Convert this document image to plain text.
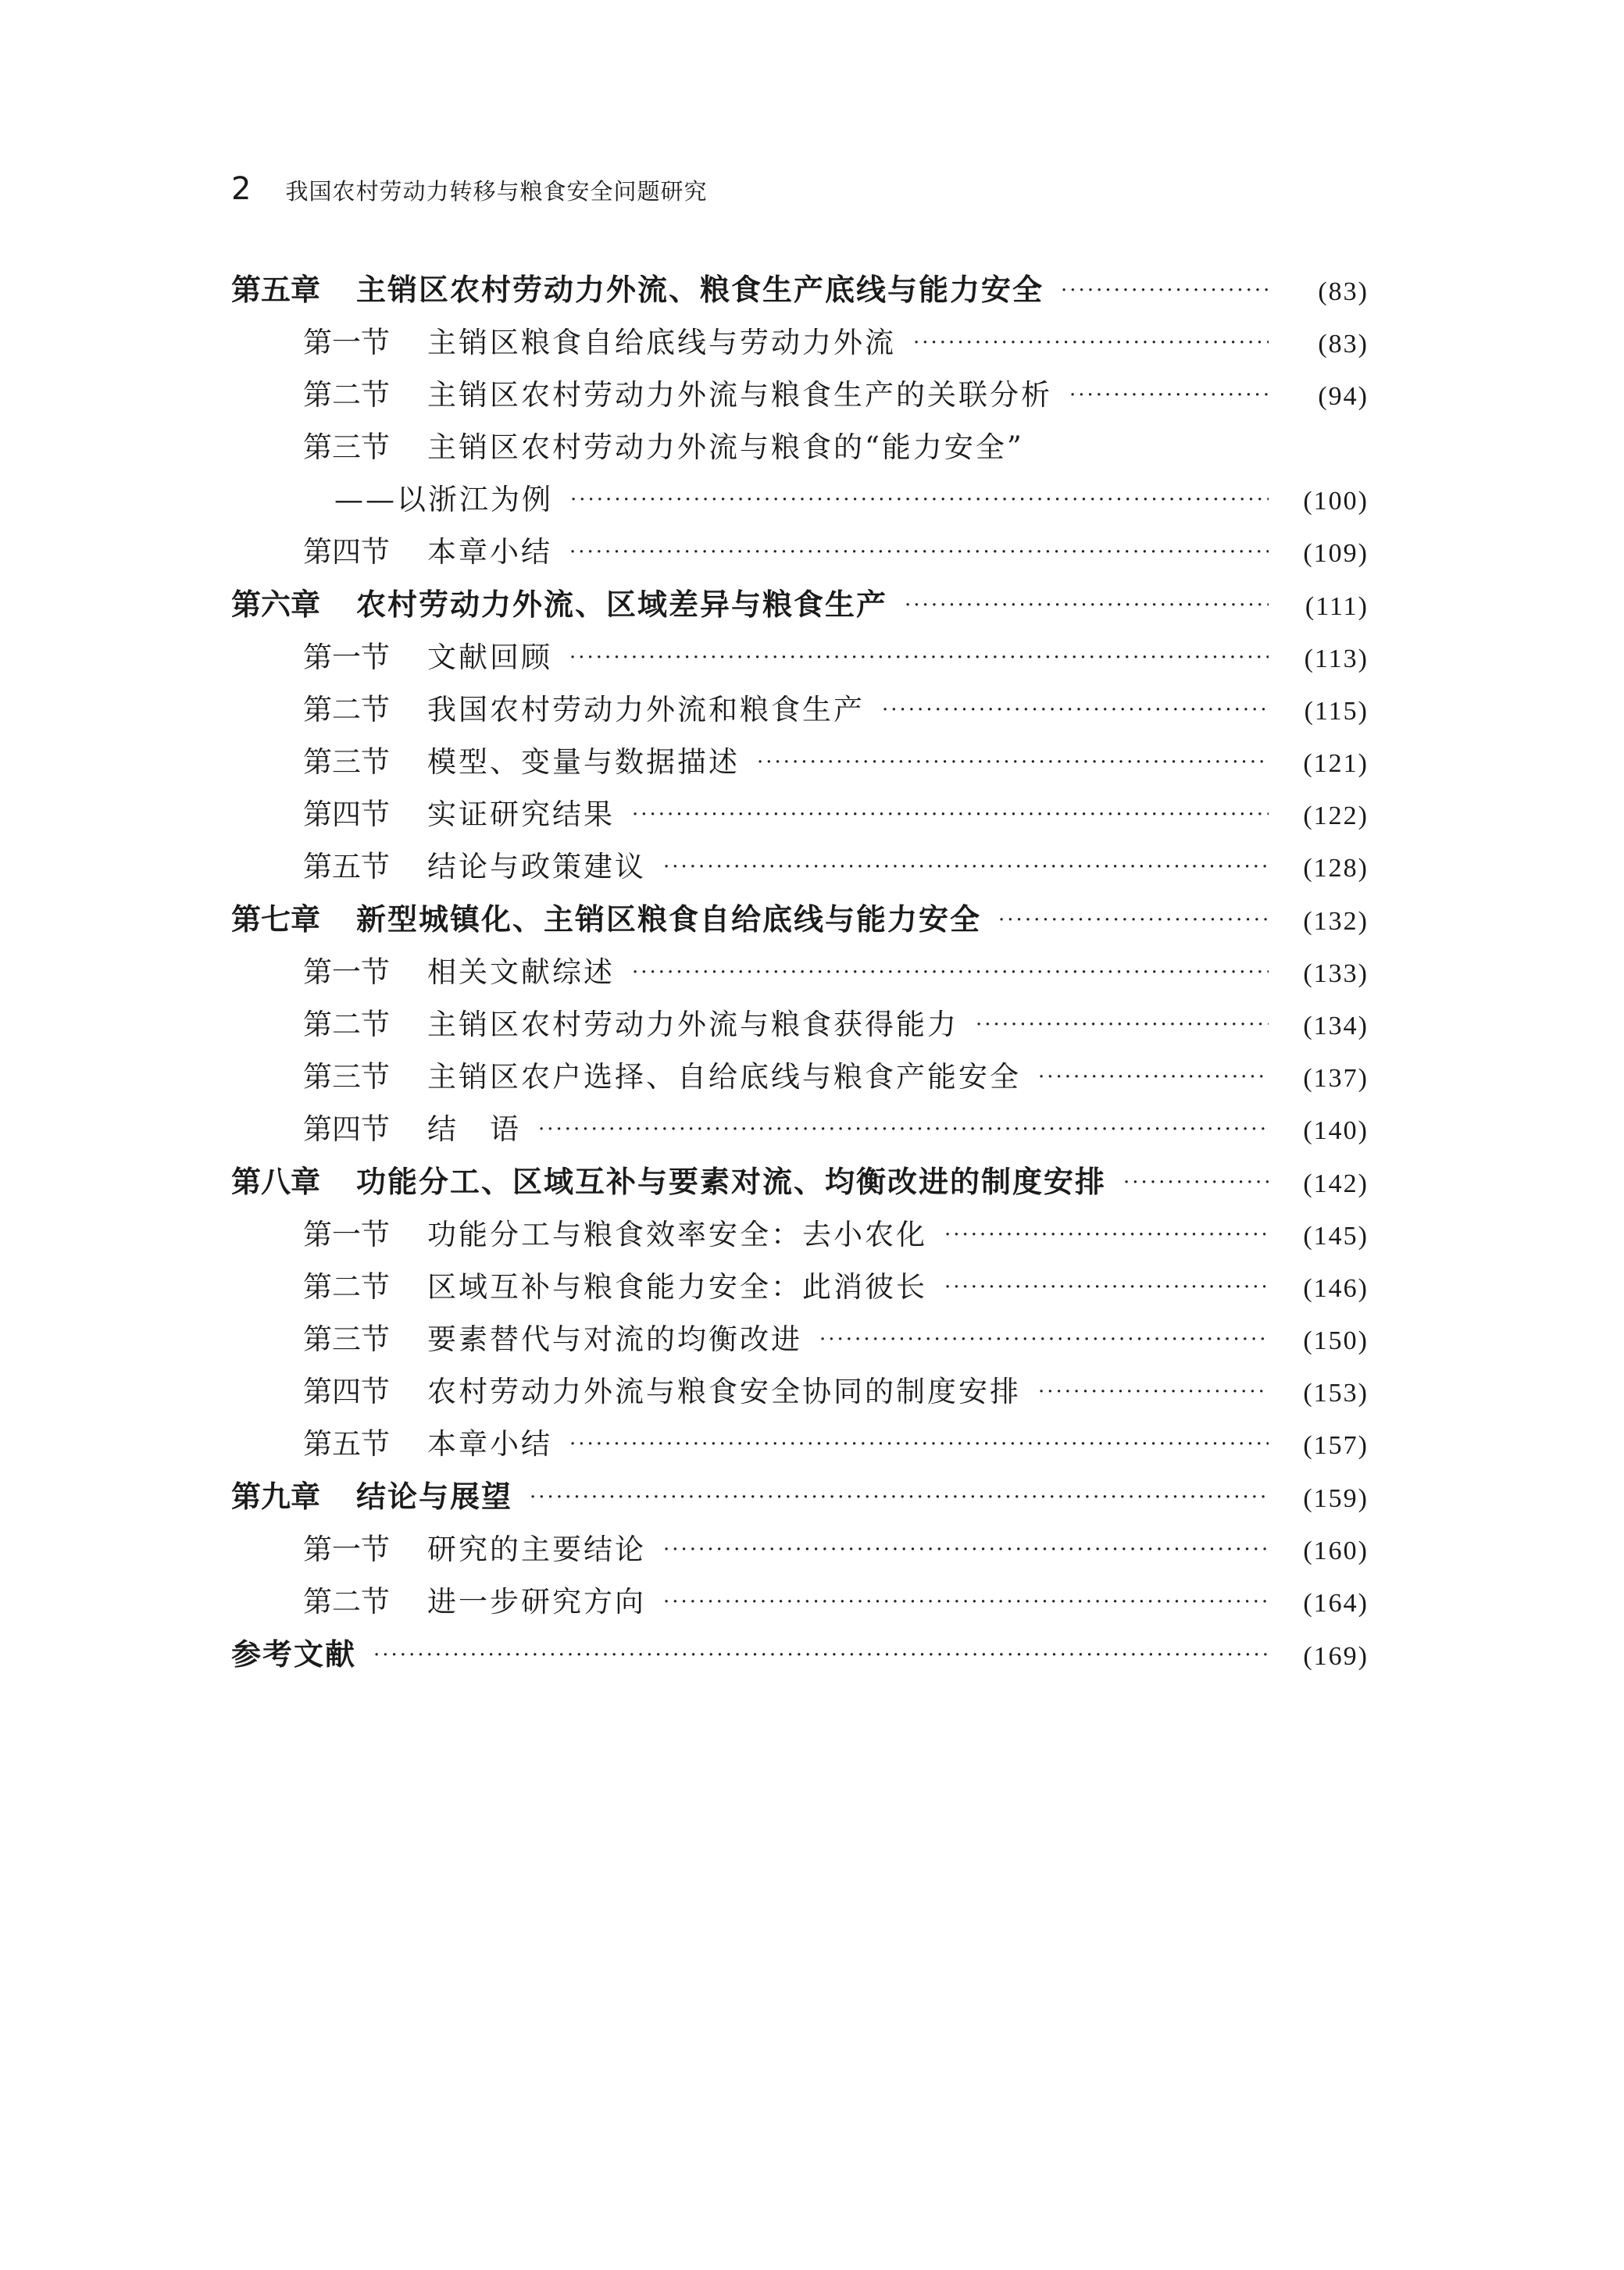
2 我国农村劳动力转移与粮食安全问题研究
第五章 主销区农村劳动力外流、粮食生产底线与能力安全 ·····	(83)
第一节 主销区粮食自给底线与劳动力外流 ·····	(83)
第二节 主销区农村劳动力外流与粮食生产的关联分析 ·····	(94)
第三节 主销区农村劳动力外流与粮食的“能力安全”
——以浙江为例 ·····	(100)
第四节 本章小结 ·····	(109)
第六章 农村劳动力外流、区域差异与粮食生产 ·····	(111)
第一节 文献回顾 ·····	(113)
第二节 我国农村劳动力外流和粮食生产 ·····	(115)
第三节 模型、变量与数据描述 ·····	(121)
第四节 实证研究结果 ·····	(122)
第五节 结论与政策建议 ·····	(128)
第七章 新型城镇化、主销区粮食自给底线与能力安全 ·····	(132)
第一节 相关文献综述 ·····	(133)
第二节 主销区农村劳动力外流与粮食获得能力 ·····	(134)
第三节 主销区农户选择、自给底线与粮食产能安全 ·····	(137)
第四节 结　语 ·····	(140)
第八章 功能分工、区域互补与要素对流、均衡改进的制度安排 ·····	(142)
第一节 功能分工与粮食效率安全：去小农化 ·····	(145)
第二节 区域互补与粮食能力安全：此消彼长 ·····	(146)
第三节 要素替代与对流的均衡改进 ·····	(150)
第四节 农村劳动力外流与粮食安全协同的制度安排 ·····	(153)
第五节 本章小结 ·····	(157)
第九章 结论与展望 ·····	(159)
第一节 研究的主要结论 ·····	(160)
第二节 进一步研究方向 ·····	(164)
参考文献 ·····	(169)
